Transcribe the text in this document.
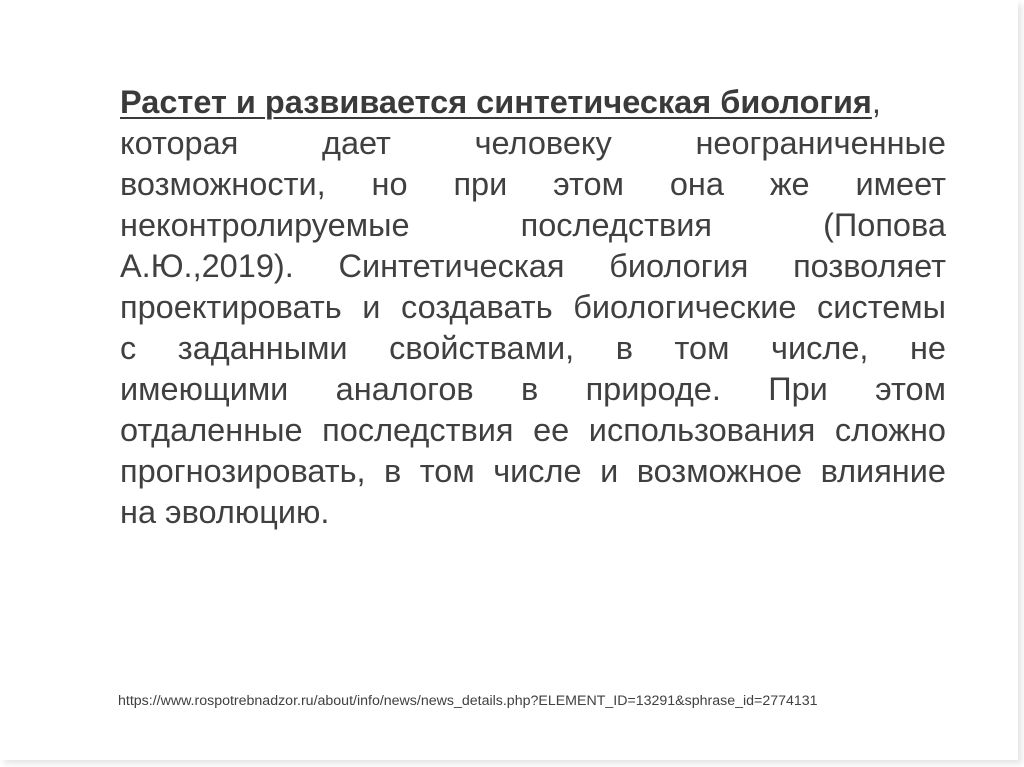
Растет и развивается синтетическая биология,
которая	дает	человеку	неограниченные
возможности, но при этом она же имеет
неконтролируемые	последствия	(Попова
А.Ю.,2019). Синтетическая биология позволяет
проектировать и создавать биологические системы
с заданными свойствами, в том числе, не
имеющими аналогов в природе. При этом
отдаленные последствия ее использования сложно
прогнозировать, в том числе и возможное влияние
на эволюцию.
https://www.rospotrebnadzor.ru/about/info/news/news_details.php?ELEMENT_ID=13291&sphrase_id=2774131
